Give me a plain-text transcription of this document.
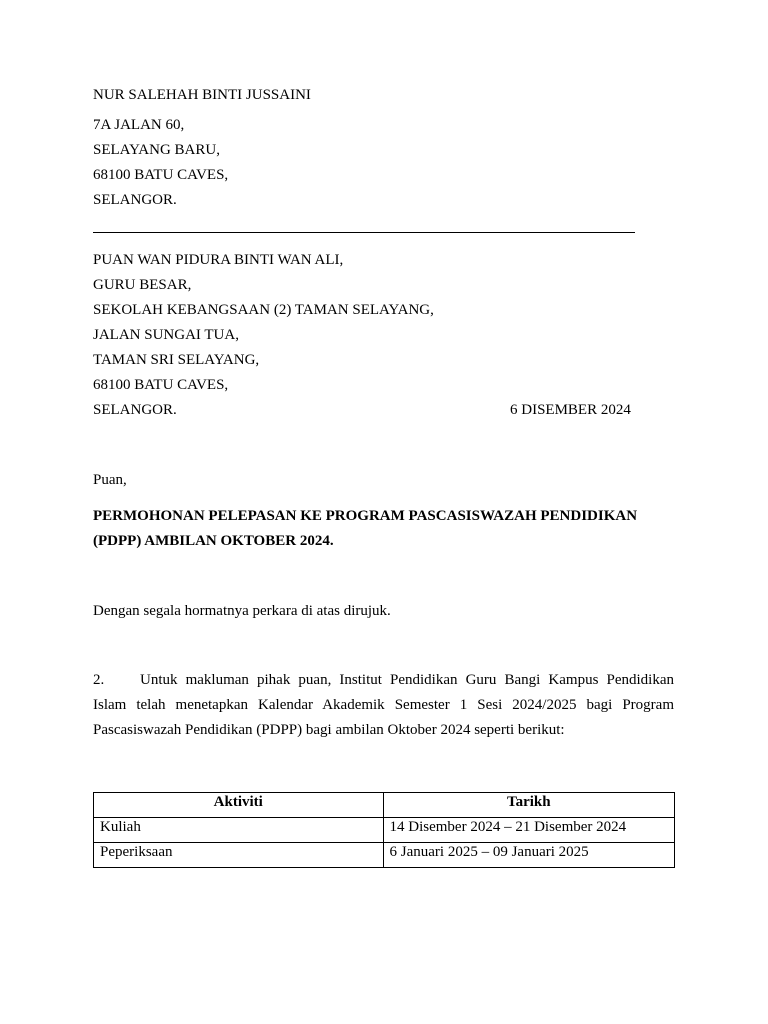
NUR SALEHAH BINTI JUSSAINI
7A JALAN 60,
SELAYANG BARU,
68100 BATU CAVES,
SELANGOR.
PUAN WAN PIDURA BINTI WAN ALI,
GURU BESAR,
SEKOLAH KEBANGSAAN (2) TAMAN SELAYANG,
JALAN SUNGAI TUA,
TAMAN SRI SELAYANG,
68100 BATU CAVES,
SELANGOR.	6 DISEMBER 2024
Puan,
PERMOHONAN PELEPASAN KE PROGRAM PASCASISWAZAH PENDIDIKAN
(PDPP) AMBILAN OKTOBER 2024.
Dengan segala hormatnya perkara di atas dirujuk.
2. Untuk makluman pihak puan, Institut Pendidikan Guru Bangi Kampus Pendidikan
Islam telah menetapkan Kalendar Akademik Semester 1 Sesi 2024/2025 bagi Program
Pascasiswazah Pendidikan (PDPP) bagi ambilan Oktober 2024 seperti berikut:
Aktiviti	Tarikh
Kuliah	14 Disember 2024 – 21 Disember 2024
Peperiksaan	6 Januari 2025 – 09 Januari 2025
